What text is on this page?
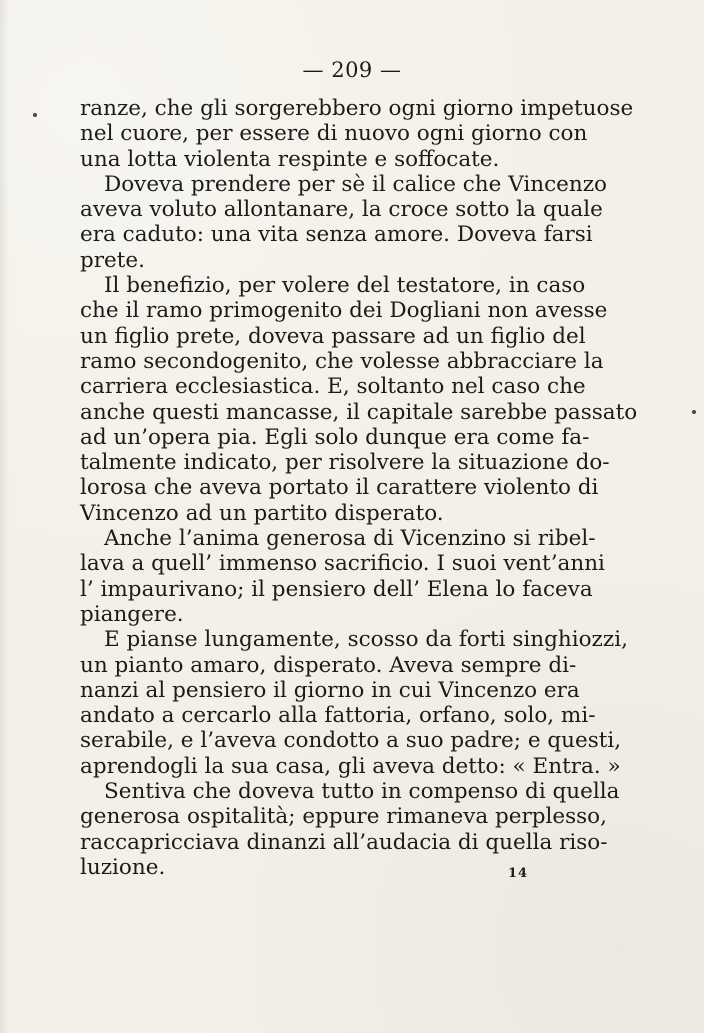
— 209 —

ranze, che gli sorgerebbero ogni giorno impetuose
nel cuore, per essere di nuovo ogni giorno con
una lotta violenta respinte e soffocate.

Doveva prendere per sè il calice che Vincenzo
aveva voluto allontanare, la croce sotto la quale
era caduto: una vita senza amore. Doveva farsi
prete.

Il benefizio, per volere del testatore, in caso
che il ramo primogenito dei Dogliani non avesse
un figlio prete, doveva passare ad un figlio del
ramo secondogenito, che volesse abbracciare la
carriera ecclesiastica. E, soltanto nel caso che
anche questi mancasse, il capitale sarebbe passato
ad un’opera pia. Egli solo dunque era come fa-
talmente indicato, per risolvere la situazione do-
lorosa che aveva portato il carattere violento di
Vincenzo ad un partito disperato.

Anche l’anima generosa di Vicenzino si ribel-
lava a quell’ immenso sacrificio. I suoi vent’anni
l’ impaurivano; il pensiero dell’ Elena lo faceva
piangere.

E pianse lungamente, scosso da forti singhiozzi,
un pianto amaro, disperato. Aveva sempre di-
nanzi al pensiero il giorno in cui Vincenzo era
andato a cercarlo alla fattoria, orfano, solo, mi-
serabile, e l’aveva condotto a suo padre; e questi,
aprendogli la sua casa, gli aveva detto: « Entra. »

Sentiva che doveva tutto in compenso di quella
generosa ospitalità; eppure rimaneva perplesso,
raccapricciava dinanzi all’audacia di quella riso-
luzione.	14
